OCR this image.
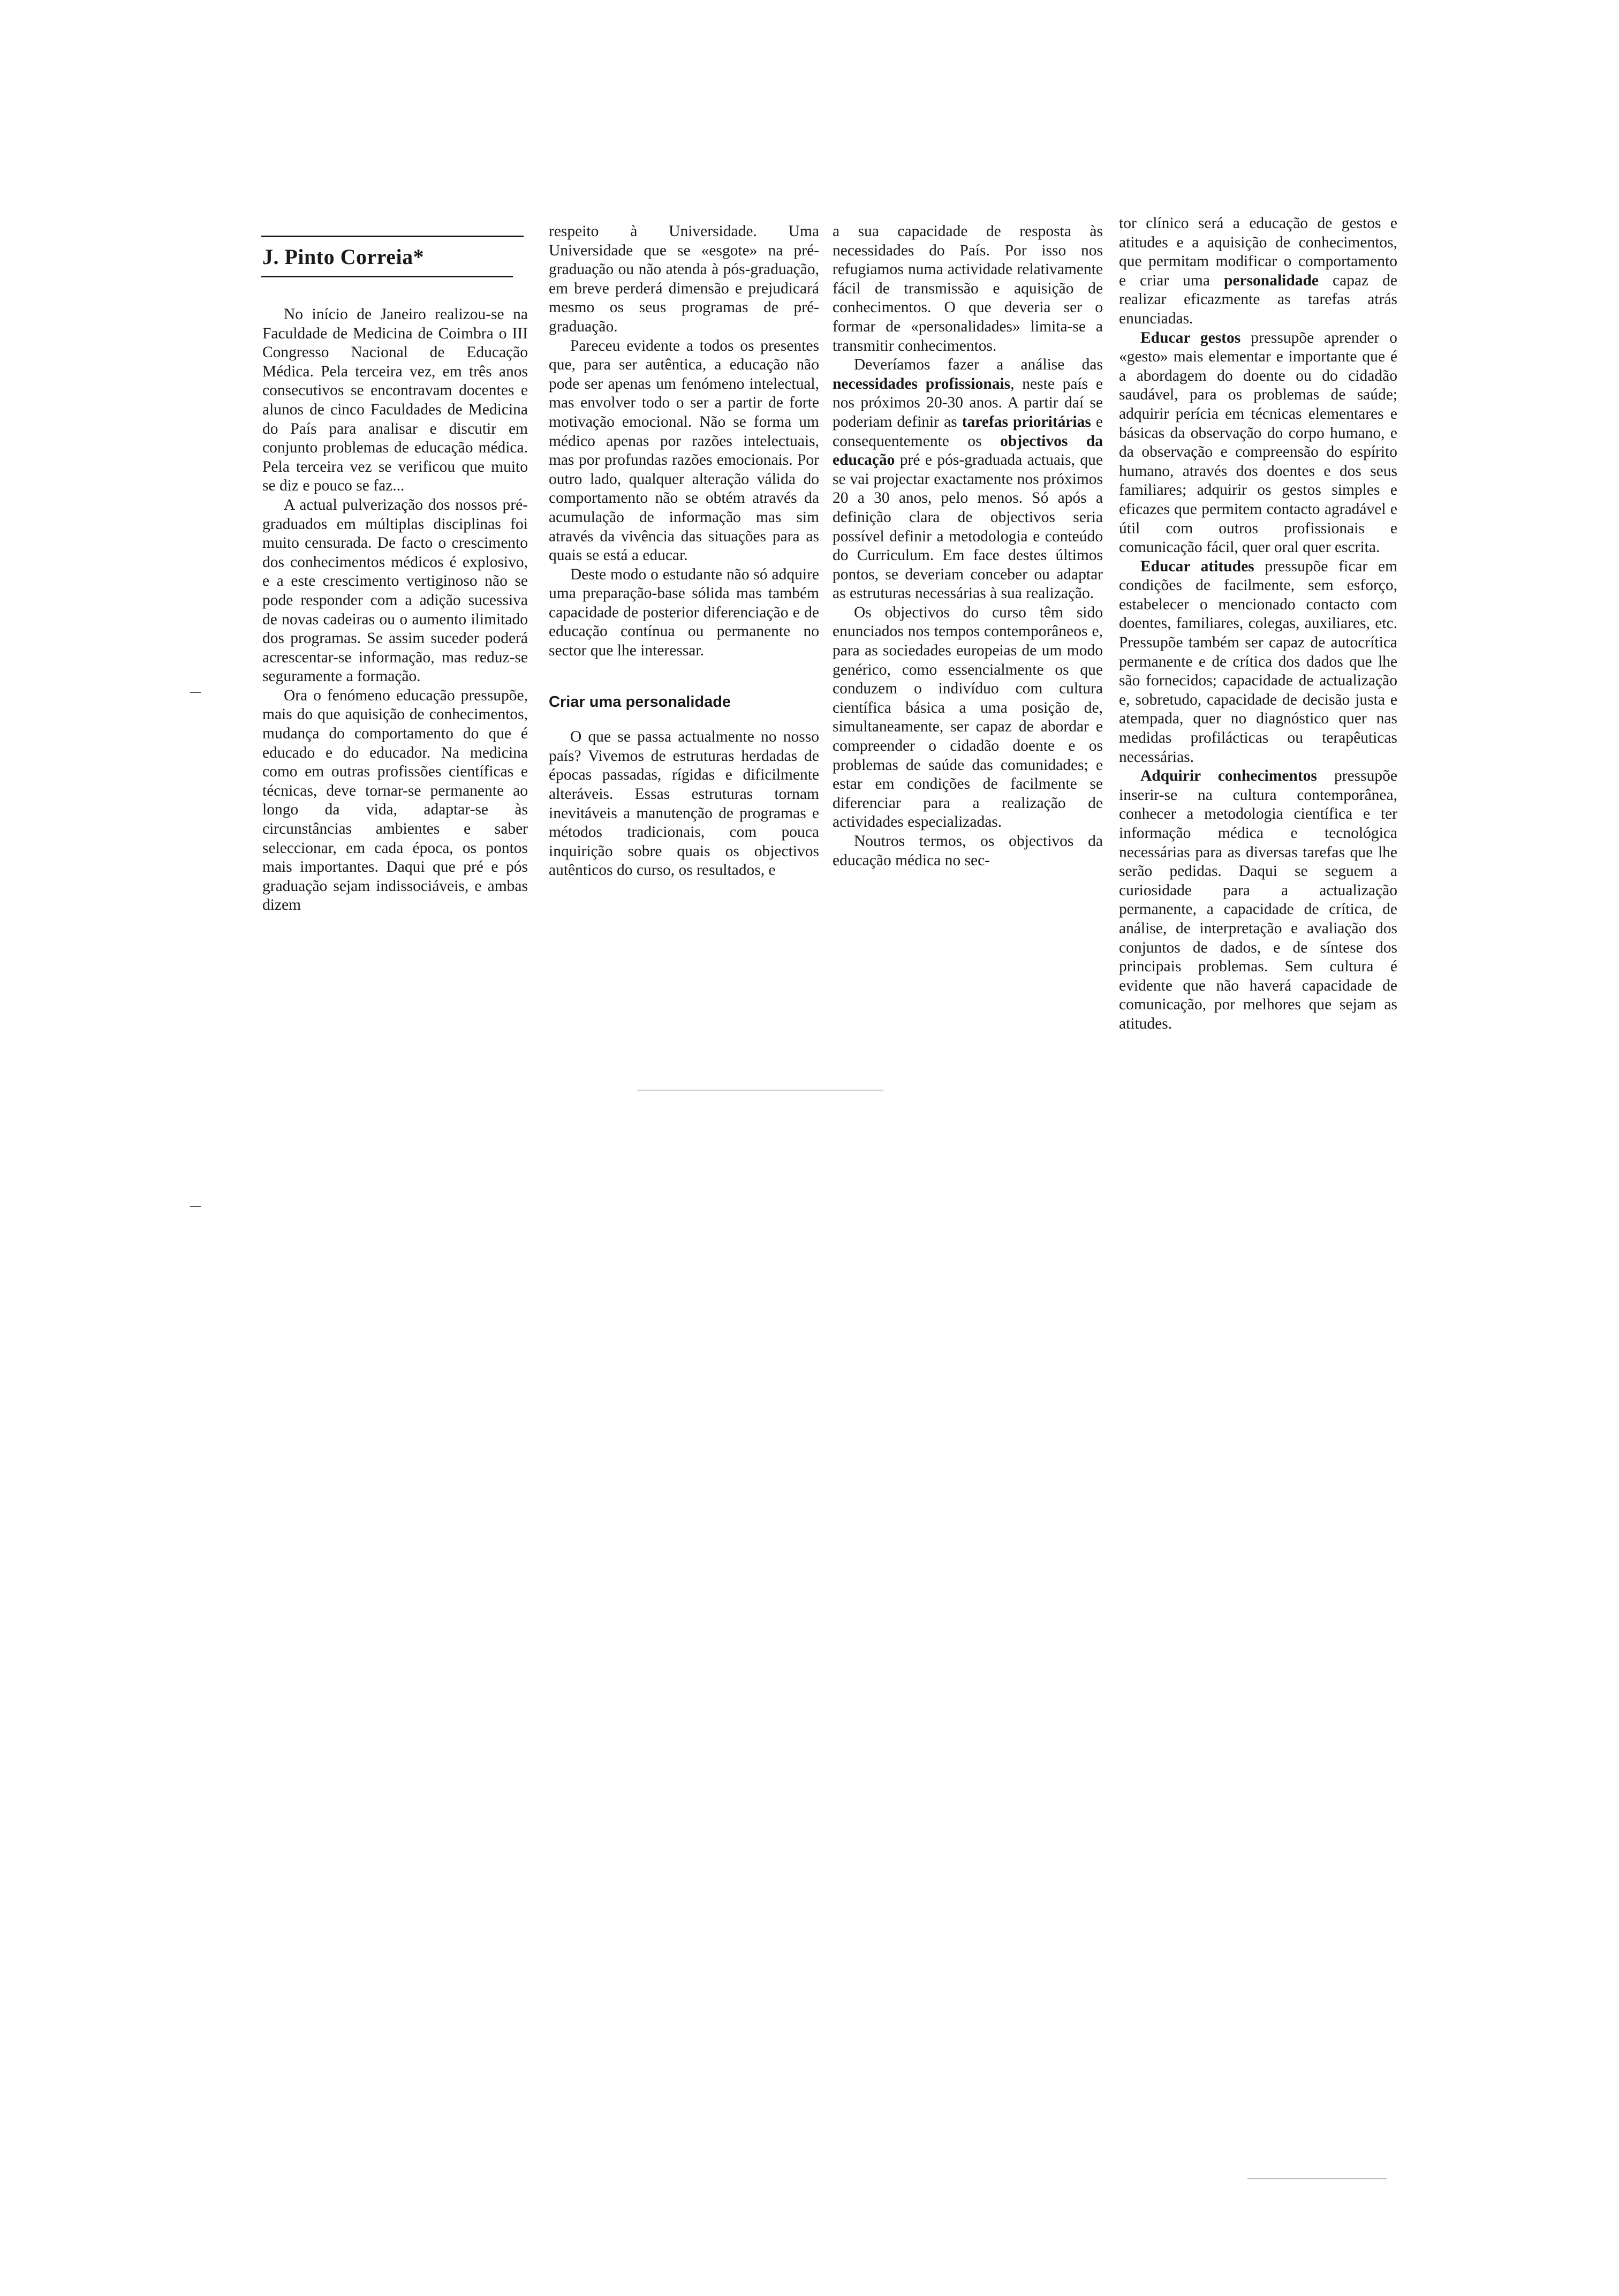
J. Pinto Correia*

No início de Janeiro realizou-se na Faculdade de Medicina de Coimbra o III Congresso Nacional de Educação Médica. Pela terceira vez, em três anos consecutivos se encontravam docentes e alunos de cinco Faculdades de Medicina do País para analisar e discutir em conjunto problemas de educação médica. Pela terceira vez se verificou que muito se diz e pouco se faz...

A actual pulverização dos nossos pré-graduados em múltiplas disciplinas foi muito censurada. De facto o crescimento dos conhecimentos médicos é explosivo, e a este crescimento vertiginoso não se pode responder com a adição sucessiva de novas cadeiras ou o aumento ilimitado dos programas. Se assim suceder poderá acrescentar-se informação, mas reduz-se seguramente a formação.

Ora o fenómeno educação pressupõe, mais do que aquisição de conhecimentos, mudança do comportamento do que é educado e do educador. Na medicina como em outras profissões científicas e técnicas, deve tornar-se permanente ao longo da vida, adaptar-se às circunstâncias ambientes e saber seleccionar, em cada época, os pontos mais importantes. Daqui que pré e pós graduação sejam indissociáveis, e ambas dizem

respeito à Universidade. Uma Universidade que se «esgote» na pré-graduação ou não atenda à pós-graduação, em breve perderá dimensão e prejudicará mesmo os seus programas de pré-graduação.

Pareceu evidente a todos os presentes que, para ser autêntica, a educação não pode ser apenas um fenómeno intelectual, mas envolver todo o ser a partir de forte motivação emocional. Não se forma um médico apenas por razões intelectuais, mas por profundas razões emocionais. Por outro lado, qualquer alteração válida do comportamento não se obtém através da acumulação de informação mas sim através da vivência das situações para as quais se está a educar.

Deste modo o estudante não só adquire uma preparação-base sólida mas também capacidade de posterior diferenciação e de educação contínua ou permanente no sector que lhe interessar.

Criar uma personalidade

O que se passa actualmente no nosso país? Vivemos de estruturas herdadas de épocas passadas, rígidas e dificilmente alteráveis. Essas estruturas tornam inevitáveis a manutenção de programas e métodos tradicionais, com pouca inquirição sobre quais os objectivos autênticos do curso, os resultados, e

a sua capacidade de resposta às necessidades do País. Por isso nos refugiamos numa actividade relativamente fácil de transmissão e aquisição de conhecimentos. O que deveria ser o formar de «personalidades» limita-se a transmitir conhecimentos.

Deveríamos fazer a análise das necessidades profissionais, neste país e nos próximos 20-30 anos. A partir daí se poderiam definir as tarefas prioritárias e consequentemente os objectivos da educação pré e pós-graduada actuais, que se vai projectar exactamente nos próximos 20 a 30 anos, pelo menos. Só após a definição clara de objectivos seria possível definir a metodologia e conteúdo do Curriculum. Em face destes últimos pontos, se deveriam conceber ou adaptar as estruturas necessárias à sua realização.

Os objectivos do curso têm sido enunciados nos tempos contemporâneos e, para as sociedades europeias de um modo genérico, como essencialmente os que conduzem o indivíduo com cultura científica básica a uma posição de, simultaneamente, ser capaz de abordar e compreender o cidadão doente e os problemas de saúde das comunidades; e estar em condições de facilmente se diferenciar para a realização de actividades especializadas.

Noutros termos, os objectivos da educação médica no sec-

tor clínico será a educação de gestos e atitudes e a aquisição de conhecimentos, que permitam modificar o comportamento e criar uma personalidade capaz de realizar eficazmente as tarefas atrás enunciadas.

Educar gestos pressupõe aprender o «gesto» mais elementar e importante que é a abordagem do doente ou do cidadão saudável, para os problemas de saúde; adquirir perícia em técnicas elementares e básicas da observação do corpo humano, e da observação e compreensão do espírito humano, através dos doentes e dos seus familiares; adquirir os gestos simples e eficazes que permitem contacto agradável e útil com outros profissionais e comunicação fácil, quer oral quer escrita.

Educar atitudes pressupõe ficar em condições de facilmente, sem esforço, estabelecer o mencionado contacto com doentes, familiares, colegas, auxiliares, etc. Pressupõe também ser capaz de autocrítica permanente e de crítica dos dados que lhe são fornecidos; capacidade de actualização e, sobretudo, capacidade de decisão justa e atempada, quer no diagnóstico quer nas medidas profilácticas ou terapêuticas necessárias.

Adquirir conhecimentos pressupõe inserir-se na cultura contemporânea, conhecer a metodologia científica e ter informação médica e tecnológica necessárias para as diversas tarefas que lhe serão pedidas. Daqui se seguem a curiosidade para a actualização permanente, a capacidade de crítica, de análise, de interpretação e avaliação dos conjuntos de dados, e de síntese dos principais problemas. Sem cultura é evidente que não haverá capacidade de comunicação, por melhores que sejam as atitudes.
